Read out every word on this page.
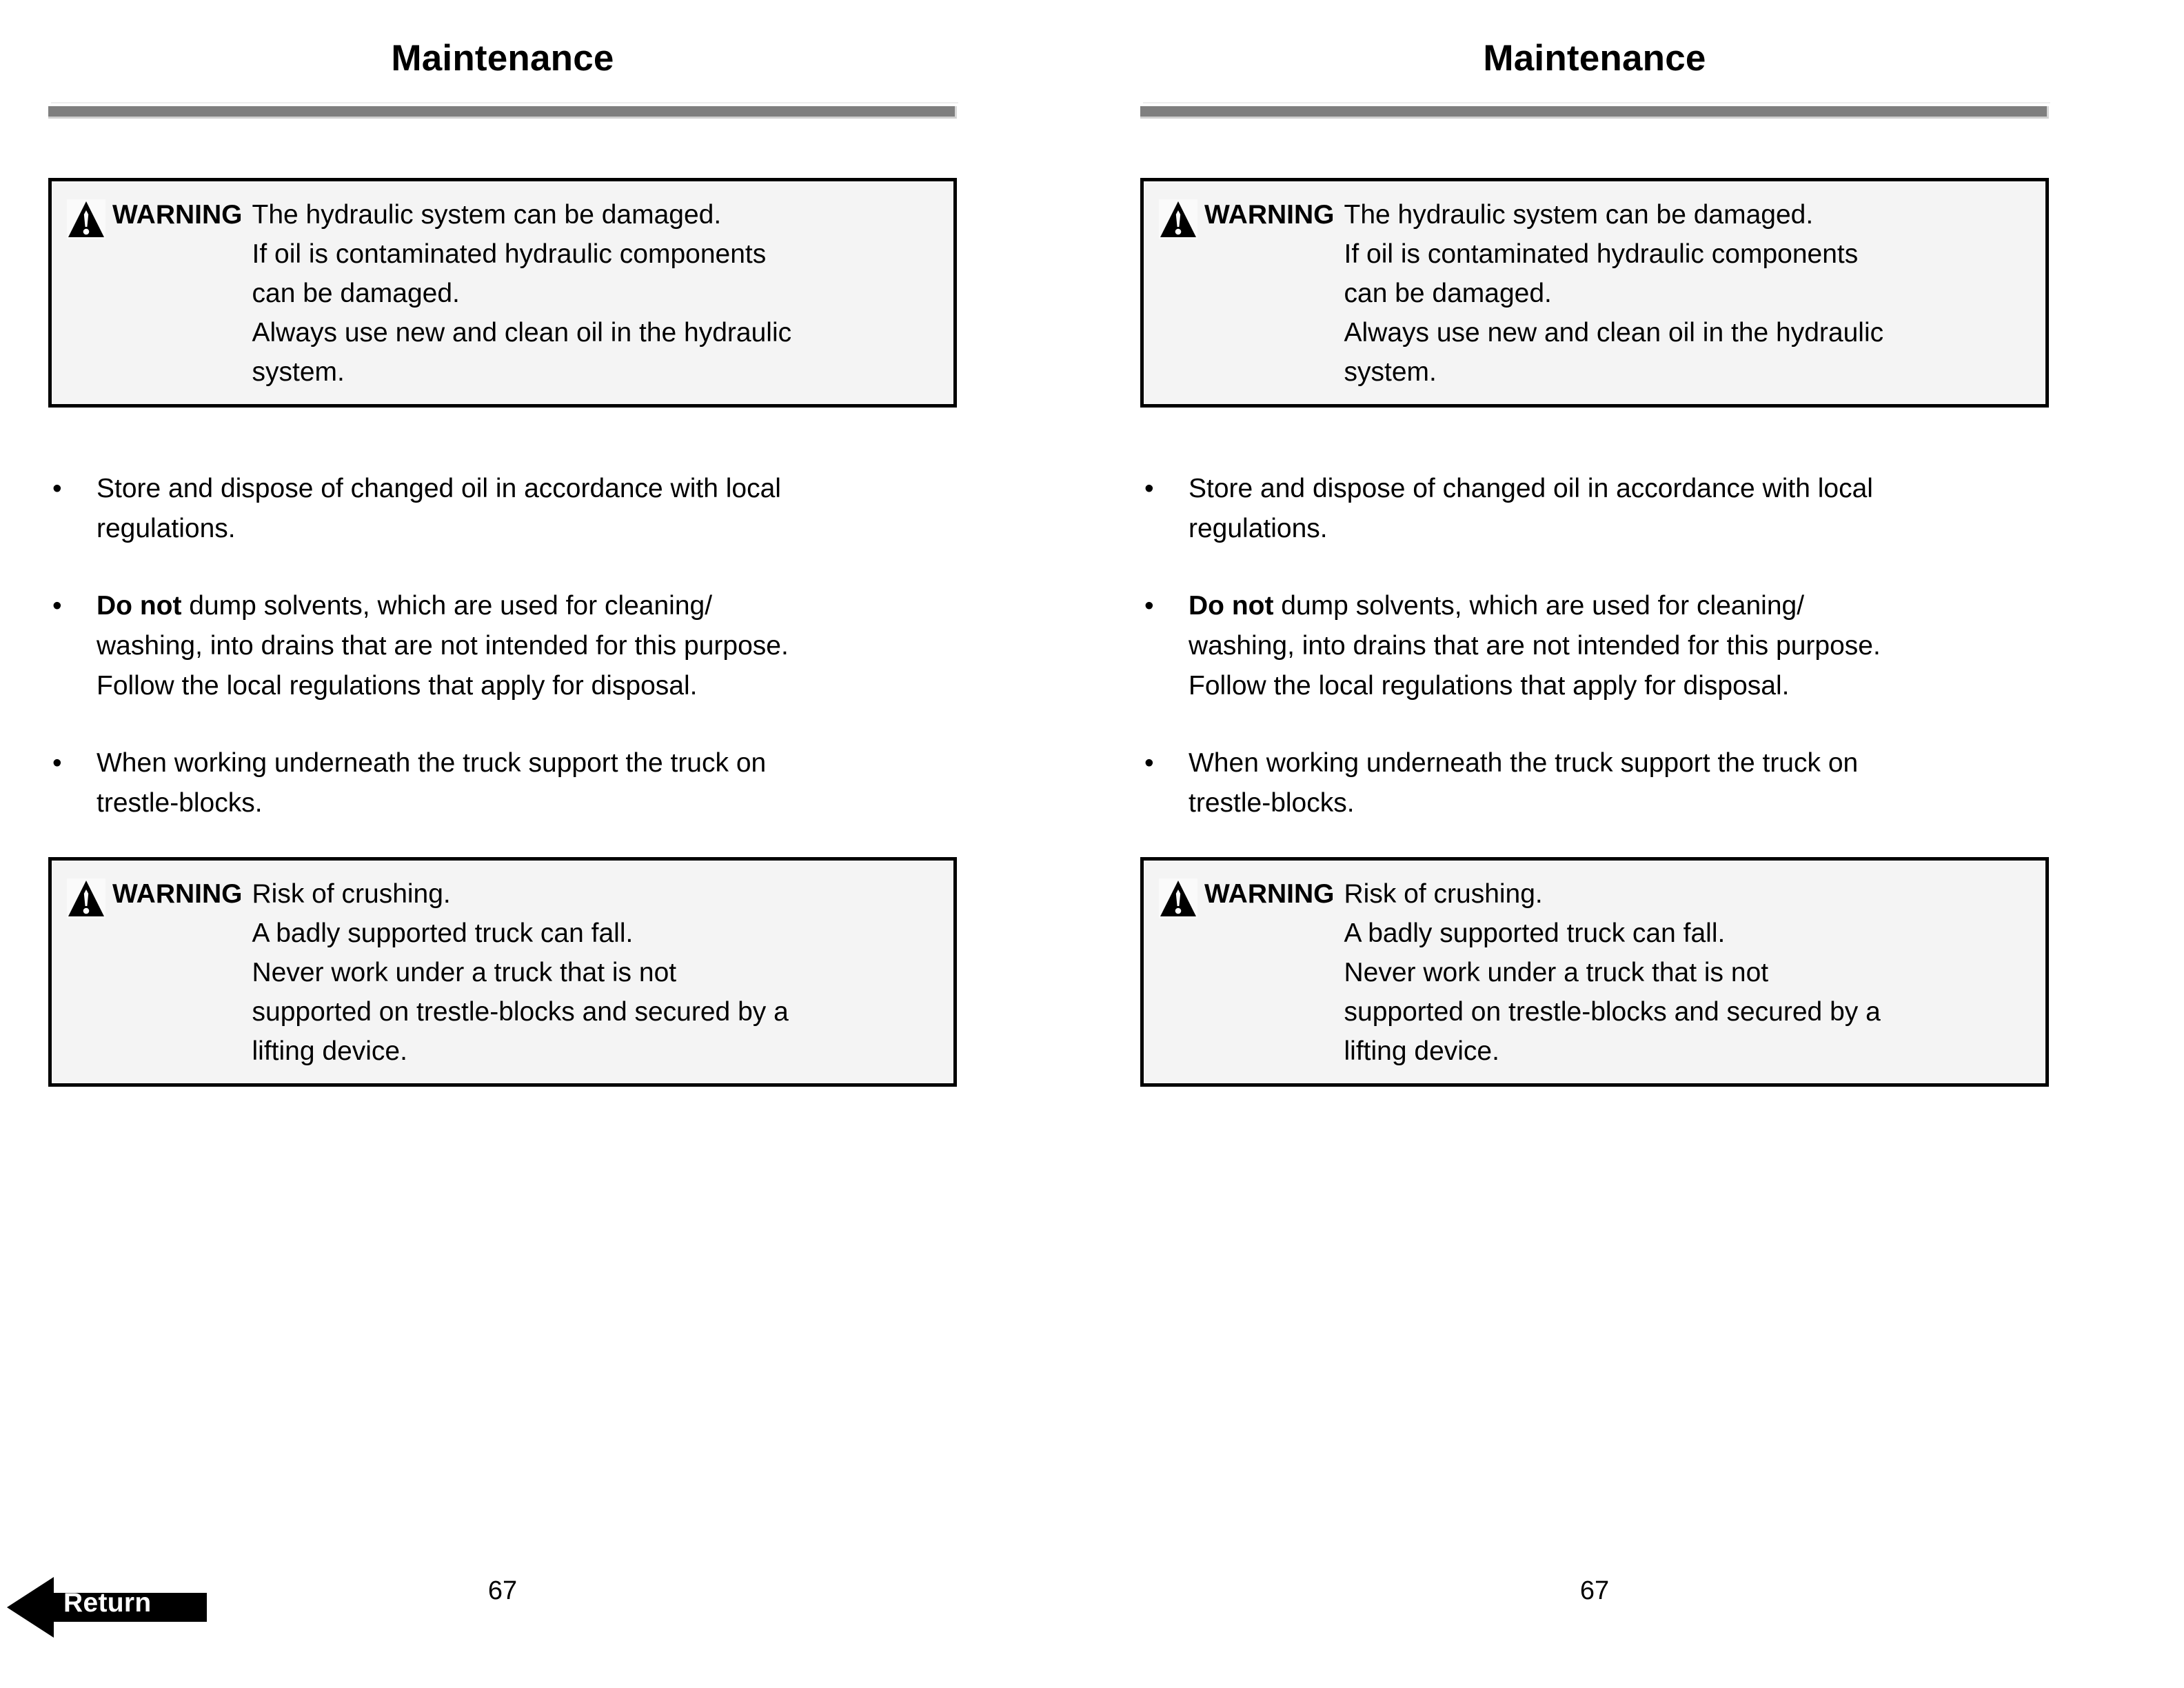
Maintenance
WARNING The hydraulic system can be damaged.
If oil is contaminated hydraulic components
can be damaged.
Always use new and clean oil in the hydraulic
system.
•	Store and dispose of changed oil in accordance with local
regulations.
•	Do not dump solvents, which are used for cleaning/
washing, into drains that are not intended for this purpose.
Follow the local regulations that apply for disposal.
•	When working underneath the truck support the truck on
trestle-blocks.
WARNING Risk of crushing.
A badly supported truck can fall.
Never work under a truck that is not
supported on trestle-blocks and secured by a
lifting device.
67
Return
Maintenance
WARNING The hydraulic system can be damaged.
If oil is contaminated hydraulic components
can be damaged.
Always use new and clean oil in the hydraulic
system.
•	Store and dispose of changed oil in accordance with local
regulations.
•	Do not dump solvents, which are used for cleaning/
washing, into drains that are not intended for this purpose.
Follow the local regulations that apply for disposal.
•	When working underneath the truck support the truck on
trestle-blocks.
WARNING Risk of crushing.
A badly supported truck can fall.
Never work under a truck that is not
supported on trestle-blocks and secured by a
lifting device.
67
